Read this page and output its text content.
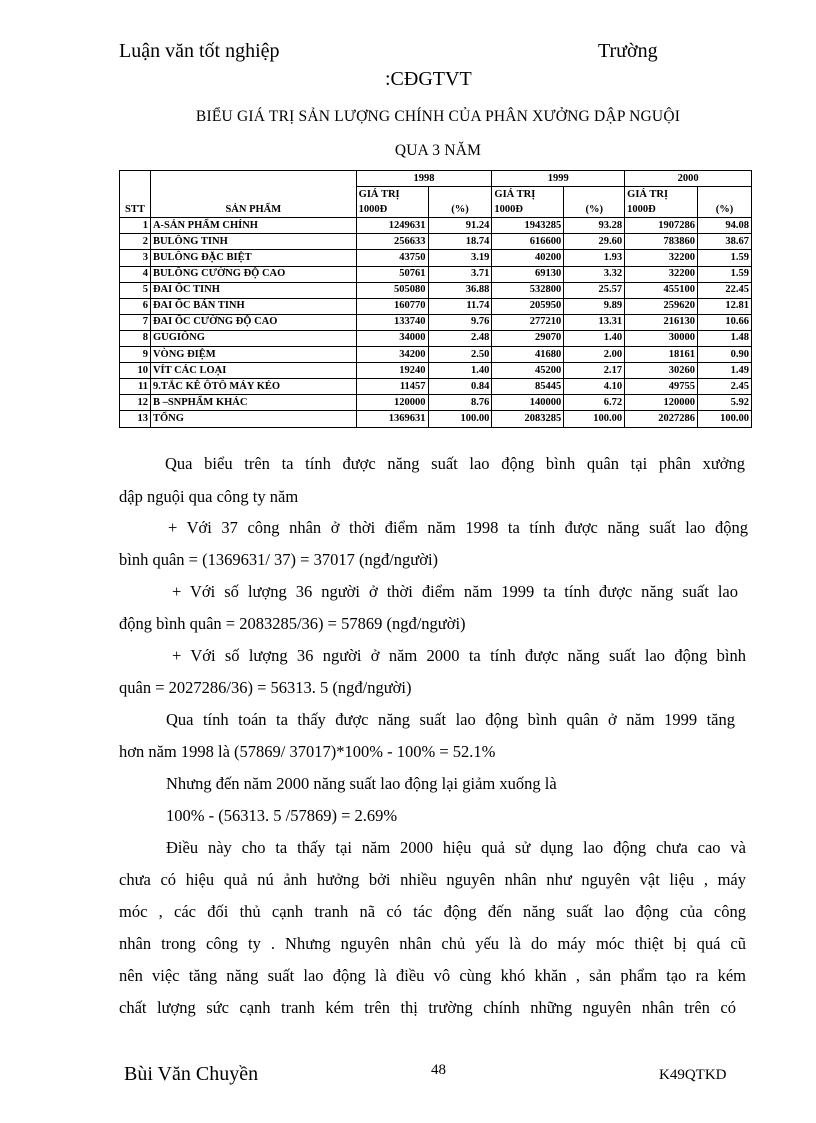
Luận văn tốt nghiệp	Trường
:CĐGTVT
BIỂU GIÁ TRỊ SẢN LƯỢNG CHÍNH CỦA PHÂN XƯỞNG DẬP NGUỘI
QUA 3 NĂM
		1998		1999		2000	
		GIÁ TRỊ		GIÁ TRỊ		GIÁ TRỊ	
STT	SẢN PHẨM	1000Đ	(%)	1000Đ	(%)	1000Đ	(%)
1	A-SẢN PHẨM CHÍNH	1249631	91.24	1943285	93.28	1907286	94.08
2	BULÔNG TINH	256633	18.74	616600	29.60	783860	38.67
3	BULÔNG ĐẶC BIỆT	43750	3.19	40200	1.93	32200	1.59
4	BULÔNG CƯỜNG ĐỘ CAO	50761	3.71	69130	3.32	32200	1.59
5	ĐAI ỐC TINH	505080	36.88	532800	25.57	455100	22.45
6	ĐAI ỐC BÁN TINH	160770	11.74	205950	9.89	259620	12.81
7	ĐAI ỐC CƯỜNG ĐỘ CAO	133740	9.76	277210	13.31	216130	10.66
8	GUGIÔNG	34000	2.48	29070	1.40	30000	1.48
9	VÒNG ĐIỆM	34200	2.50	41680	2.00	18161	0.90
10	VÍT CÁC LOẠI	19240	1.40	45200	2.17	30260	1.49
11	9.TẮC KÊ ÔTÔ MÁY KÉO	11457	0.84	85445	4.10	49755	2.45
12	B –SNPHẨM KHÁC	120000	8.76	140000	6.72	120000	5.92
13	TỔNG	1369631	100.00	2083285	100.00	2027286	100.00
Qua biểu trên ta tính được năng suất lao động bình quân tại phân xưởng
dập nguội qua công ty năm
+ Với 37 công nhân ở thời điểm năm 1998 ta tính được năng suất lao động
bình quân = (1369631/ 37) = 37017 (ngđ/người)
+ Với số lượng 36 người ở thời điểm năm 1999 ta tính được năng suất lao
động bình quân = 2083285/36) = 57869 (ngđ/người)
+ Với số lượng 36 người ở năm 2000 ta tính được năng suất lao động bình
quân = 2027286/36) = 56313. 5 (ngđ/người)
Qua tính toán ta thấy được năng suất lao động bình quân ở năm 1999 tăng
hơn năm 1998 là (57869/ 37017)*100% - 100% = 52.1%
Nhưng đến năm 2000 năng suất lao động lại giảm xuống là
100% - (56313. 5 /57869) = 2.69%
Điều này cho ta thấy tại năm 2000 hiệu quả sử dụng lao động chưa cao và
chưa có hiệu quả nú ảnh hưởng bởi nhiều nguyên nhân như nguyên vật liệu , máy
móc , các đối thủ cạnh tranh nã có tác động đến năng suất lao động của công
nhân trong công ty . Nhưng nguyên nhân chủ yếu là do máy móc thiệt bị quá cũ
nên việc tăng năng suất lao động là điều vô cùng khó khăn , sản phẩm tạo ra kém
chất lượng sức cạnh tranh kém trên thị trường chính những nguyên nhân trên có
Bùi Văn Chuyền	48	K49QTKD
